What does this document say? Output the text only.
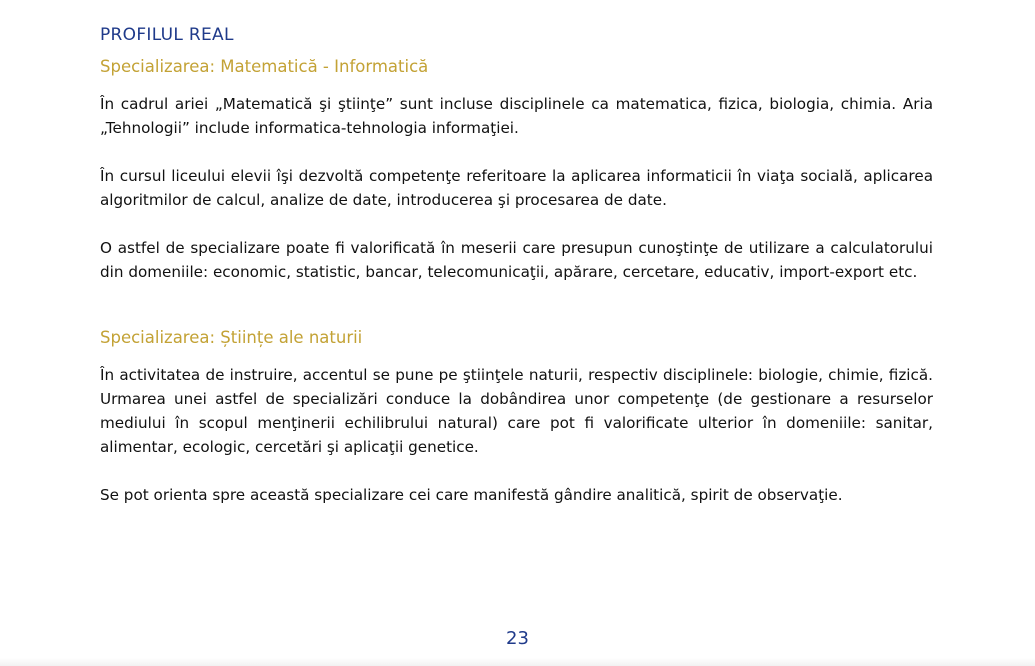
PROFILUL REAL
Specializarea: Matematică - Informatică

În cadrul ariei „Matematică şi ştiinţe” sunt incluse disciplinele ca matematica, fizica, biologia, chimia. Aria „Tehnologii” include informatica-tehnologia informaţiei.

În cursul liceului elevii îşi dezvoltă competenţe referitoare la aplicarea informaticii în viaţa socială, aplicarea algoritmilor de calcul, analize de date, introducerea şi procesarea de date.

O astfel de specializare poate fi valorificată în meserii care presupun cunoştinţe de utilizare a calculatorului din domeniile: economic, statistic, bancar, telecomunicaţii, apărare, cercetare, educativ, import-export etc.

Specializarea: Științe ale naturii

În activitatea de instruire, accentul se pune pe ştiinţele naturii, respectiv disciplinele: biologie, chimie, fizică. Urmarea unei astfel de specializări conduce la dobândirea unor competenţe (de gestionare a resurselor mediului în scopul menţinerii echilibrului natural) care pot fi valorificate ulterior în domeniile: sanitar, alimentar, ecologic, cercetări şi aplicaţii genetice.

Se pot orienta spre această specializare cei care manifestă gândire analitică, spirit de observaţie.

23
